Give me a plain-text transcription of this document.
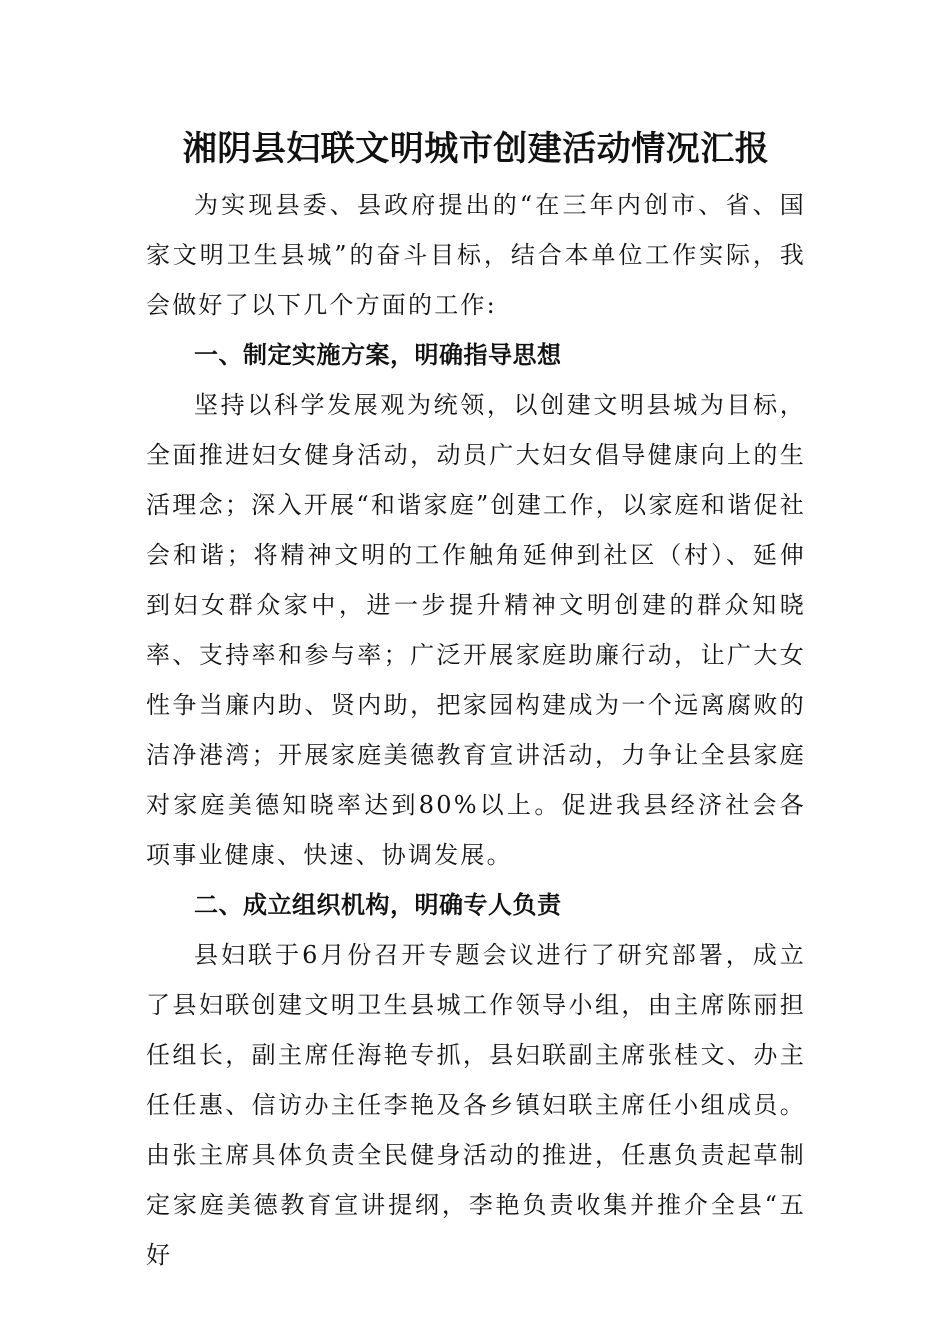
湘阴县妇联文明城市创建活动情况汇报

为实现县委、县政府提出的“在三年内创市、省、国家文明卫生县城”的奋斗目标，结合本单位工作实际，我会做好了以下几个方面的工作:

一、制定实施方案，明确指导思想

坚持以科学发展观为统领，以创建文明县城为目标，全面推进妇女健身活动，动员广大妇女倡导健康向上的生活理念；深入开展“和谐家庭”创建工作，以家庭和谐促社会和谐；将精神文明的工作触角延伸到社区（村）、延伸到妇女群众家中，进一步提升精神文明创建的群众知晓率、支持率和参与率；广泛开展家庭助廉行动，让广大女性争当廉内助、贤内助，把家园构建成为一个远离腐败的洁净港湾；开展家庭美德教育宣讲活动，力争让全县家庭对家庭美德知晓率达到80%以上。促进我县经济社会各项事业健康、快速、协调发展。

二、成立组织机构，明确专人负责

县妇联于6月份召开专题会议进行了研究部署，成立了县妇联创建文明卫生县城工作领导小组，由主席陈丽担任组长，副主席任海艳专抓，县妇联副主席张桂文、办主任任惠、信访办主任李艳及各乡镇妇联主席任小组成员。由张主席具体负责全民健身活动的推进，任惠负责起草制定家庭美德教育宣讲提纲，李艳负责收集并推介全县“五好
